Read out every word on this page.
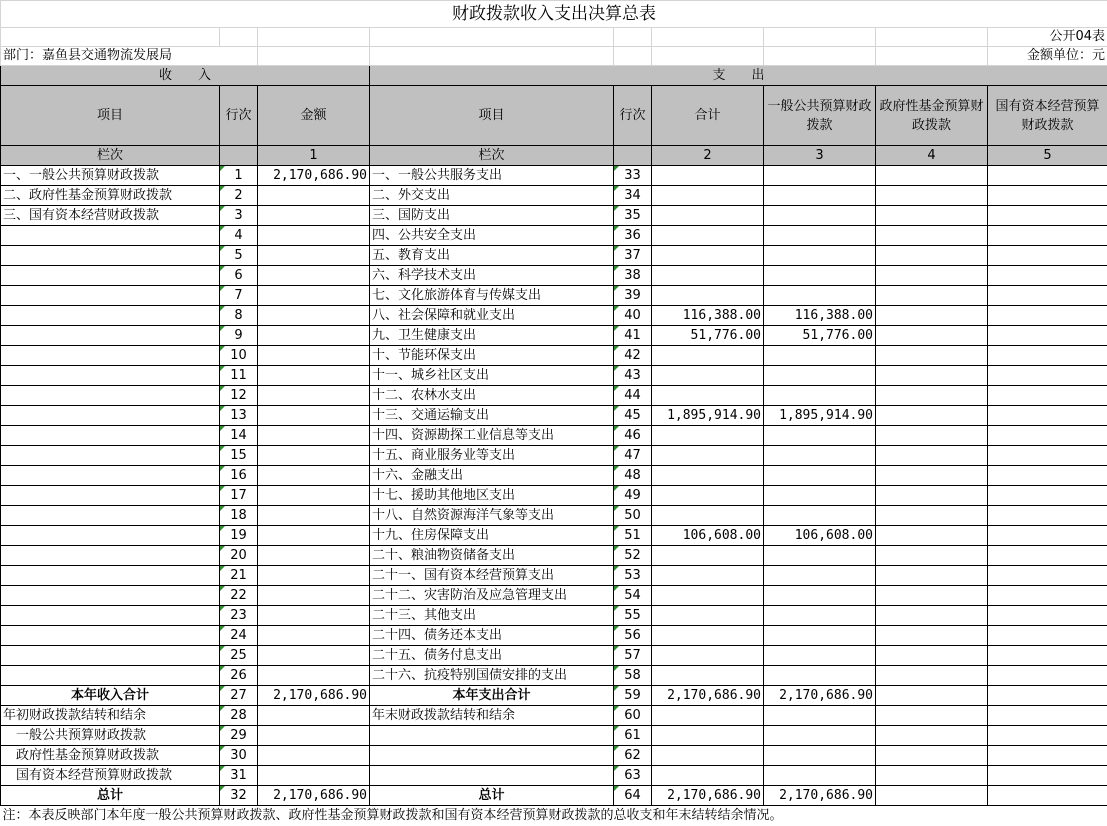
财政拨款收入支出决算总表								
								公开04表
部门：嘉鱼县交通物流发展局								金额单位：元
收　　入			支　　出					
项目	行次	金额	项目	行次	合计	一般公共预算财政拨款	政府性基金预算财政拨款	国有资本经营预算财政拨款
栏次		1	栏次		2	3	4	5
一、一般公共预算财政拨款	1	2,170,686.90	一、一般公共服务支出	33				
二、政府性基金预算财政拨款	2		二、外交支出	34				
三、国有资本经营财政拨款	3		三、国防支出	35				
	4		四、公共安全支出	36				
	5		五、教育支出	37				
	6		六、科学技术支出	38				
	7		七、文化旅游体育与传媒支出	39				
	8		八、社会保障和就业支出	40	116,388.00	116,388.00		
	9		九、卫生健康支出	41	51,776.00	51,776.00		
	10		十、节能环保支出	42				
	11		十一、城乡社区支出	43				
	12		十二、农林水支出	44				
	13		十三、交通运输支出	45	1,895,914.90	1,895,914.90		
	14		十四、资源勘探工业信息等支出	46				
	15		十五、商业服务业等支出	47				
	16		十六、金融支出	48				
	17		十七、援助其他地区支出	49				
	18		十八、自然资源海洋气象等支出	50				
	19		十九、住房保障支出	51	106,608.00	106,608.00		
	20		二十、粮油物资储备支出	52				
	21		二十一、国有资本经营预算支出	53				
	22		二十二、灾害防治及应急管理支出	54				
	23		二十三、其他支出	55				
	24		二十四、债务还本支出	56				
	25		二十五、债务付息支出	57				
	26		二十六、抗疫特别国债安排的支出	58				
本年收入合计	27	2,170,686.90	本年支出合计	59	2,170,686.90	2,170,686.90		
年初财政拨款结转和结余	28		年末财政拨款结转和结余	60				
　一般公共预算财政拨款	29			61				
　政府性基金预算财政拨款	30			62				
　国有资本经营预算财政拨款	31			63				
总计	32	2,170,686.90	总计	64	2,170,686.90	2,170,686.90		
注：本表反映部门本年度一般公共预算财政拨款、政府性基金预算财政拨款和国有资本经营预算财政拨款的总收支和年末结转结余情况。								
